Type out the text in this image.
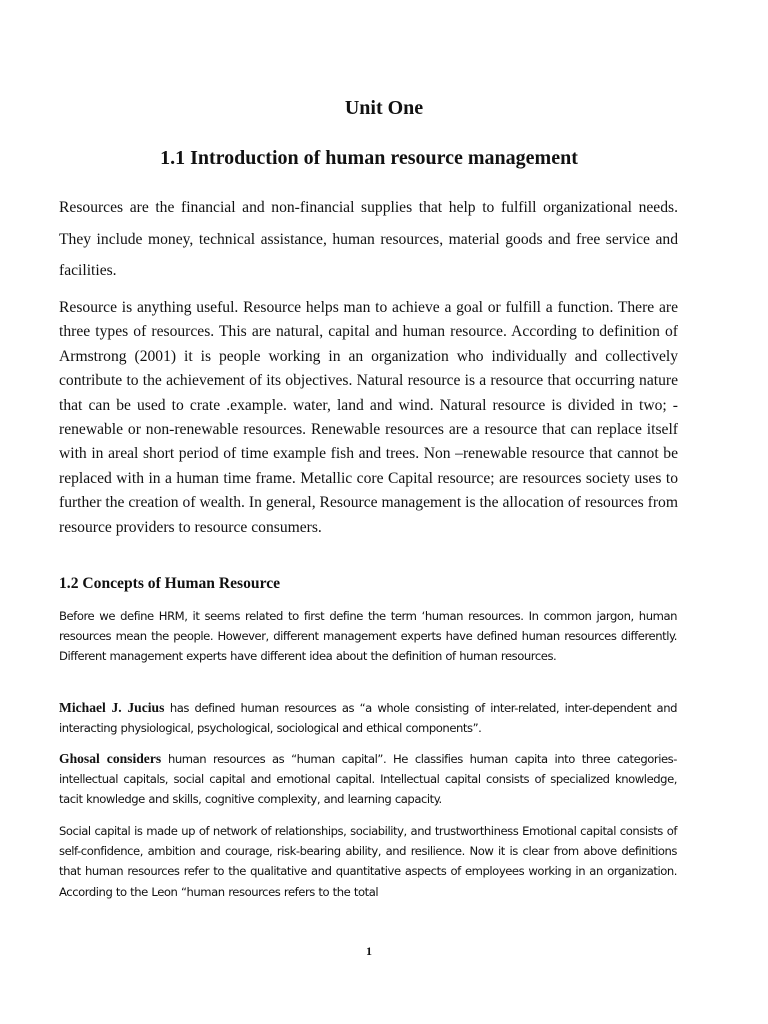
Unit One
1.1 Introduction of human resource management

Resources are the financial and non-financial supplies that help to fulfill organizational needs. They include money, technical assistance, human resources, material goods and free service and facilities.

Resource is anything useful. Resource helps man to achieve a goal or fulfill a function. There are three types of resources. This are natural, capital and human resource. According to definition of Armstrong (2001) it is people working in an organization who individually and collectively contribute to the achievement of its objectives. Natural resource is a resource that occurring nature that can be used to crate .example. water, land and wind. Natural resource is divided in two; - renewable or non-renewable resources. Renewable resources are a resource that can replace itself with in areal short period of time example fish and trees. Non –renewable resource that cannot be replaced with in a human time frame. Metallic core Capital resource; are resources society uses to further the creation of wealth. In general, Resource management is the allocation of resources from resource providers to resource consumers.

1.2 Concepts of Human Resource

Before we define HRM, it seems related to first define the term ‘human resources. In common jargon, human resources mean the people. However, different management experts have defined human resources differently. Different management experts have different idea about the definition of human resources.

Michael J. Jucius has defined human resources as “a whole consisting of inter-related, inter-dependent and interacting physiological, psychological, sociological and ethical components”.

Ghosal considers human resources as “human capital”. He classifies human capita into three categories-intellectual capitals, social capital and emotional capital. Intellectual capital consists of specialized knowledge, tacit knowledge and skills, cognitive complexity, and learning capacity.

Social capital is made up of network of relationships, sociability, and trustworthiness Emotional capital consists of self-confidence, ambition and courage, risk-bearing ability, and resilience. Now it is clear from above definitions that human resources refer to the qualitative and quantitative aspects of employees working in an organization. According to the Leon “human resources refers to the total

1
